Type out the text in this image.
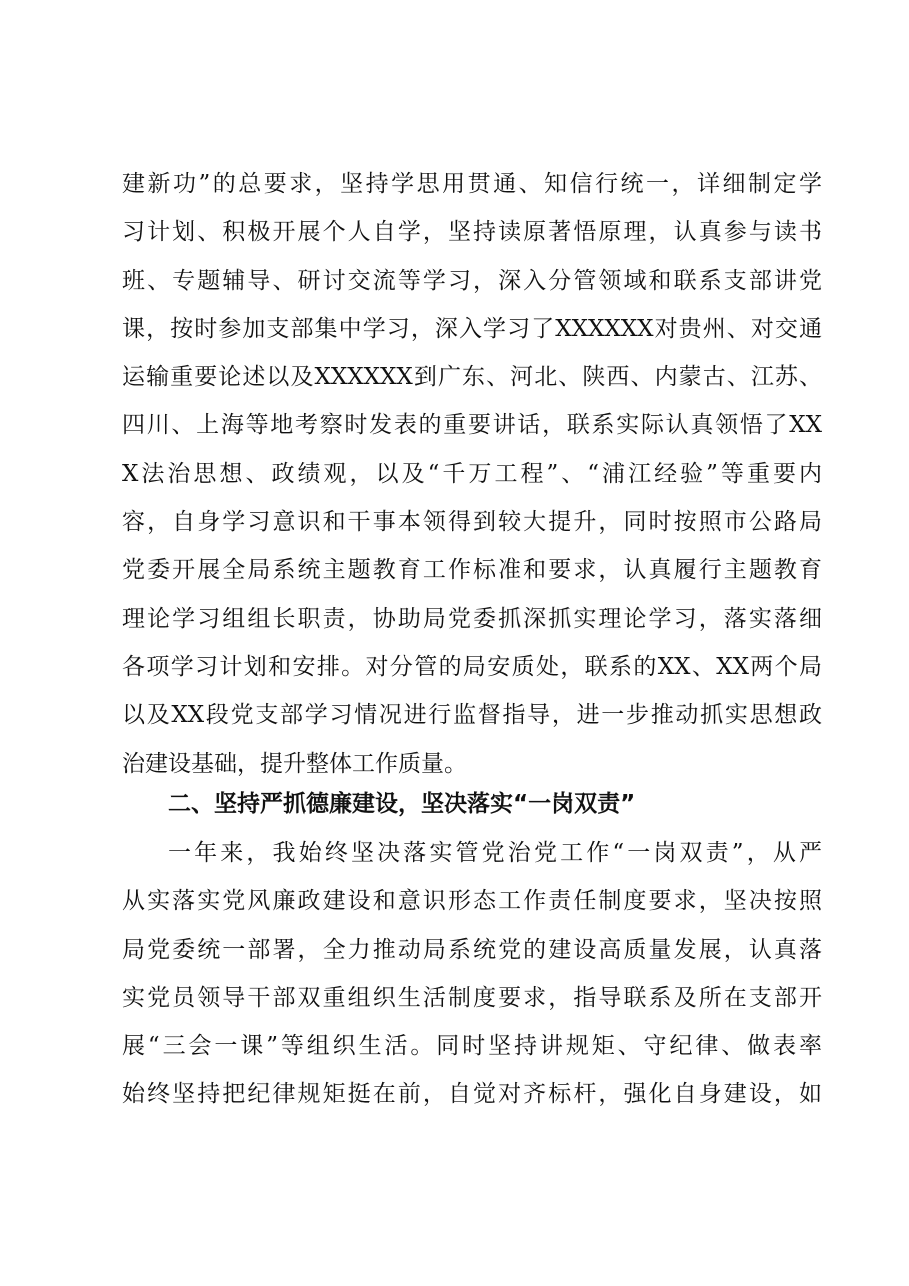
建新功”的总要求，坚持学思用贯通、知信行统一，详细制定学
习计划、积极开展个人自学，坚持读原著悟原理，认真参与读书
班、专题辅导、研讨交流等学习，深入分管领域和联系支部讲党
课，按时参加支部集中学习，深入学习了XXXXXX对贵州、对交通
运输重要论述以及XXXXXX到广东、河北、陕西、内蒙古、江苏、
四川、上海等地考察时发表的重要讲话，联系实际认真领悟了XX
X法治思想、政绩观，以及“千万工程”、“浦江经验”等重要内
容，自身学习意识和干事本领得到较大提升，同时按照市公路局
党委开展全局系统主题教育工作标准和要求，认真履行主题教育
理论学习组组长职责，协助局党委抓深抓实理论学习，落实落细
各项学习计划和安排。对分管的局安质处，联系的XX、XX两个局
以及XX段党支部学习情况进行监督指导，进一步推动抓实思想政
治建设基础，提升整体工作质量。
二、坚持严抓德廉建设，坚决落实“一岗双责”
一年来，我始终坚决落实管党治党工作“一岗双责”，从严
从实落实党风廉政建设和意识形态工作责任制度要求，坚决按照
局党委统一部署，全力推动局系统党的建设高质量发展，认真落
实党员领导干部双重组织生活制度要求，指导联系及所在支部开
展“三会一课”等组织生活。同时坚持讲规矩、守纪律、做表率
始终坚持把纪律规矩挺在前，自觉对齐标杆，强化自身建设，如
